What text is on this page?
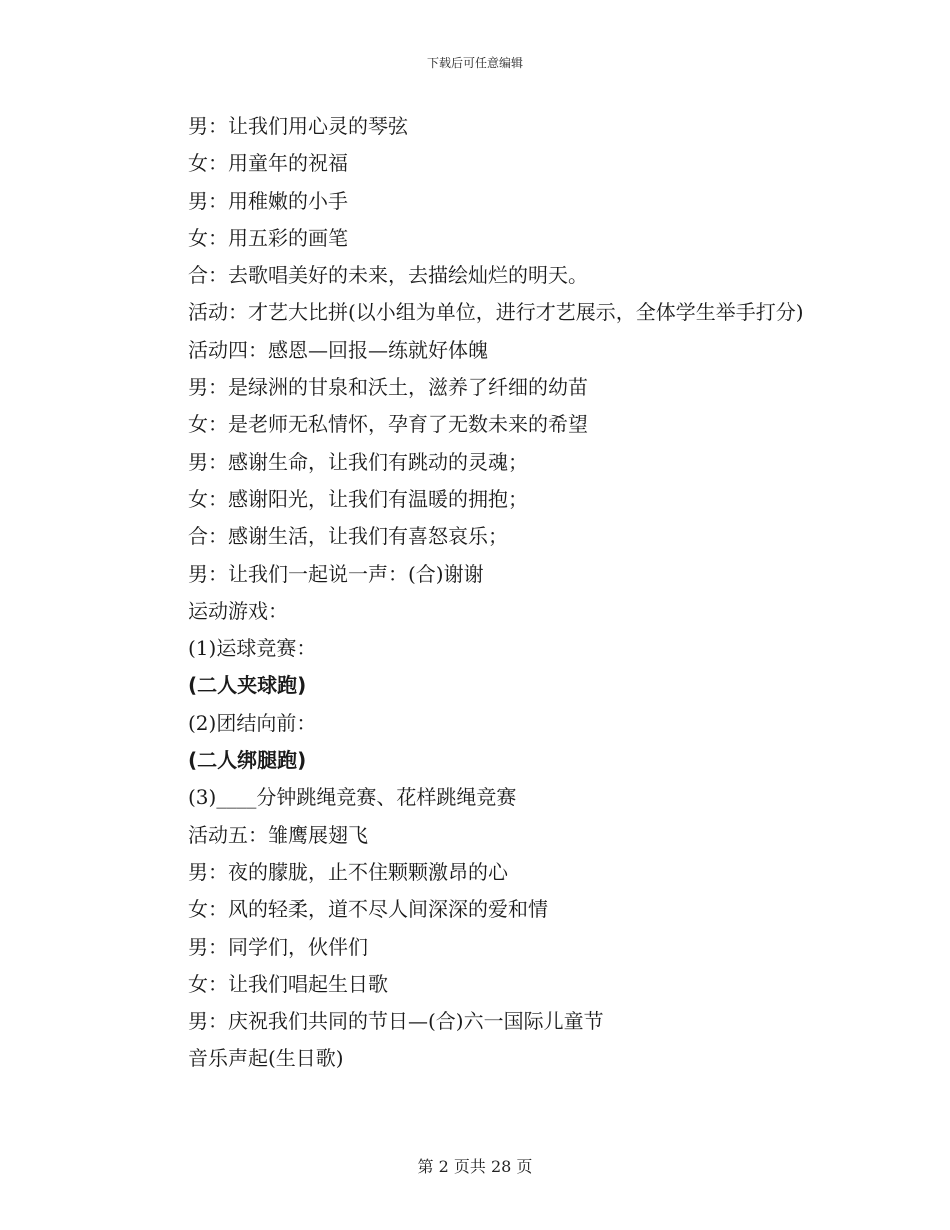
下载后可任意编辑
男：让我们用心灵的琴弦
女：用童年的祝福
男：用稚嫩的小手
女：用五彩的画笔
合：去歌唱美好的未来，去描绘灿烂的明天。
活动：才艺大比拼(以小组为单位，进行才艺展示，全体学生举手打分)
活动四：感恩—回报—练就好体魄
男：是绿洲的甘泉和沃土，滋养了纤细的幼苗
女：是老师无私情怀，孕育了无数未来的希望
男：感谢生命，让我们有跳动的灵魂；
女：感谢阳光，让我们有温暖的拥抱；
合：感谢生活，让我们有喜怒哀乐；
男：让我们一起说一声：(合)谢谢
运动游戏：
(1)运球竞赛：
(二人夹球跑)
(2)团结向前：
(二人绑腿跑)
(3)____分钟跳绳竞赛、花样跳绳竞赛
活动五：雏鹰展翅飞
男：夜的朦胧，止不住颗颗激昂的心
女：风的轻柔，道不尽人间深深的爱和情
男：同学们，伙伴们
女：让我们唱起生日歌
男：庆祝我们共同的节日—(合)六一国际儿童节
音乐声起(生日歌)
第 2 页共 28 页
